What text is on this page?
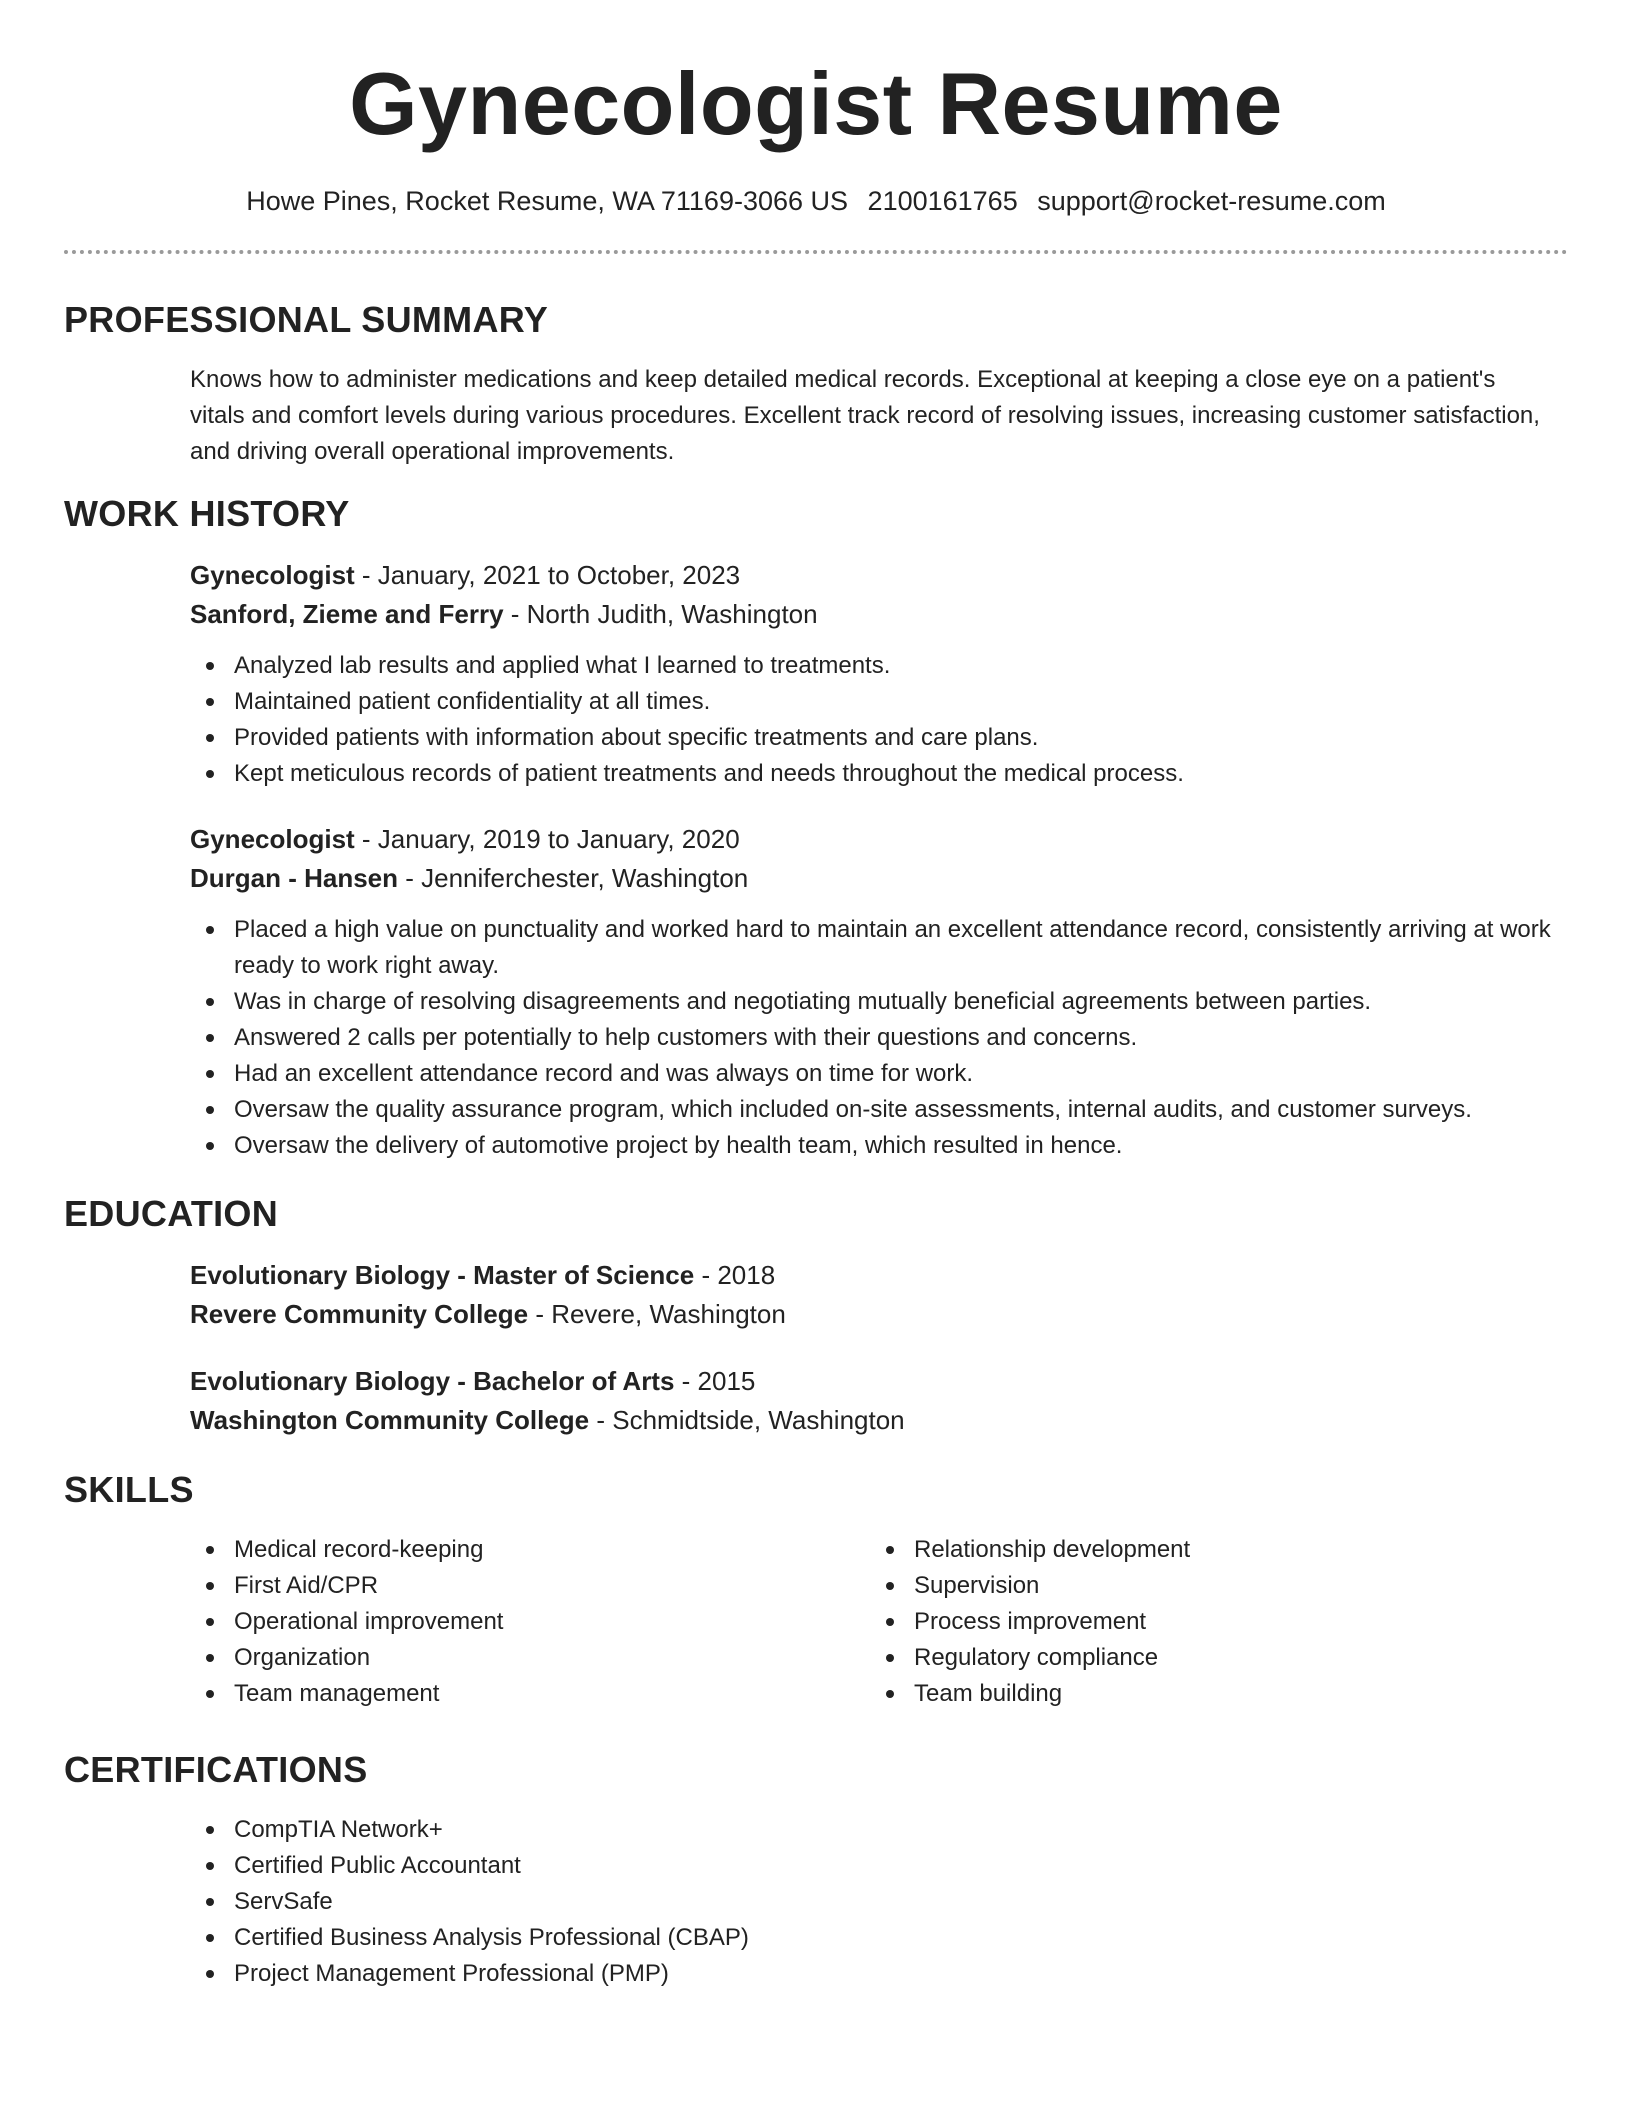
Gynecologist Resume
Howe Pines, Rocket Resume, WA 71169-3066 US 2100161765 support@rocket-resume.com
PROFESSIONAL SUMMARY

Knows how to administer medications and keep detailed medical records. Exceptional at keeping a close eye on a patient's vitals and comfort levels during various procedures. Excellent track record of resolving issues, increasing customer satisfaction, and driving overall operational improvements.

WORK HISTORY
Gynecologist - January, 2021 to October, 2023
Sanford, Zieme and Ferry - North Judith, Washington
Analyzed lab results and applied what I learned to treatments.
Maintained patient confidentiality at all times.
Provided patients with information about specific treatments and care plans.
Kept meticulous records of patient treatments and needs throughout the medical process.
Gynecologist - January, 2019 to January, 2020
Durgan - Hansen - Jenniferchester, Washington
Placed a high value on punctuality and worked hard to maintain an excellent attendance record, consistently arriving at work ready to work right away.
Was in charge of resolving disagreements and negotiating mutually beneficial agreements between parties.
Answered 2 calls per potentially to help customers with their questions and concerns.
Had an excellent attendance record and was always on time for work.
Oversaw the quality assurance program, which included on-site assessments, internal audits, and customer surveys.
Oversaw the delivery of automotive project by health team, which resulted in hence.
EDUCATION
Evolutionary Biology - Master of Science - 2018
Revere Community College - Revere, Washington
Evolutionary Biology - Bachelor of Arts - 2015
Washington Community College - Schmidtside, Washington
SKILLS
Medical record-keeping
First Aid/CPR
Operational improvement
Organization
Team management
Relationship development
Supervision
Process improvement
Regulatory compliance
Team building
CERTIFICATIONS
CompTIA Network+
Certified Public Accountant
ServSafe
Certified Business Analysis Professional (CBAP)
Project Management Professional (PMP)
